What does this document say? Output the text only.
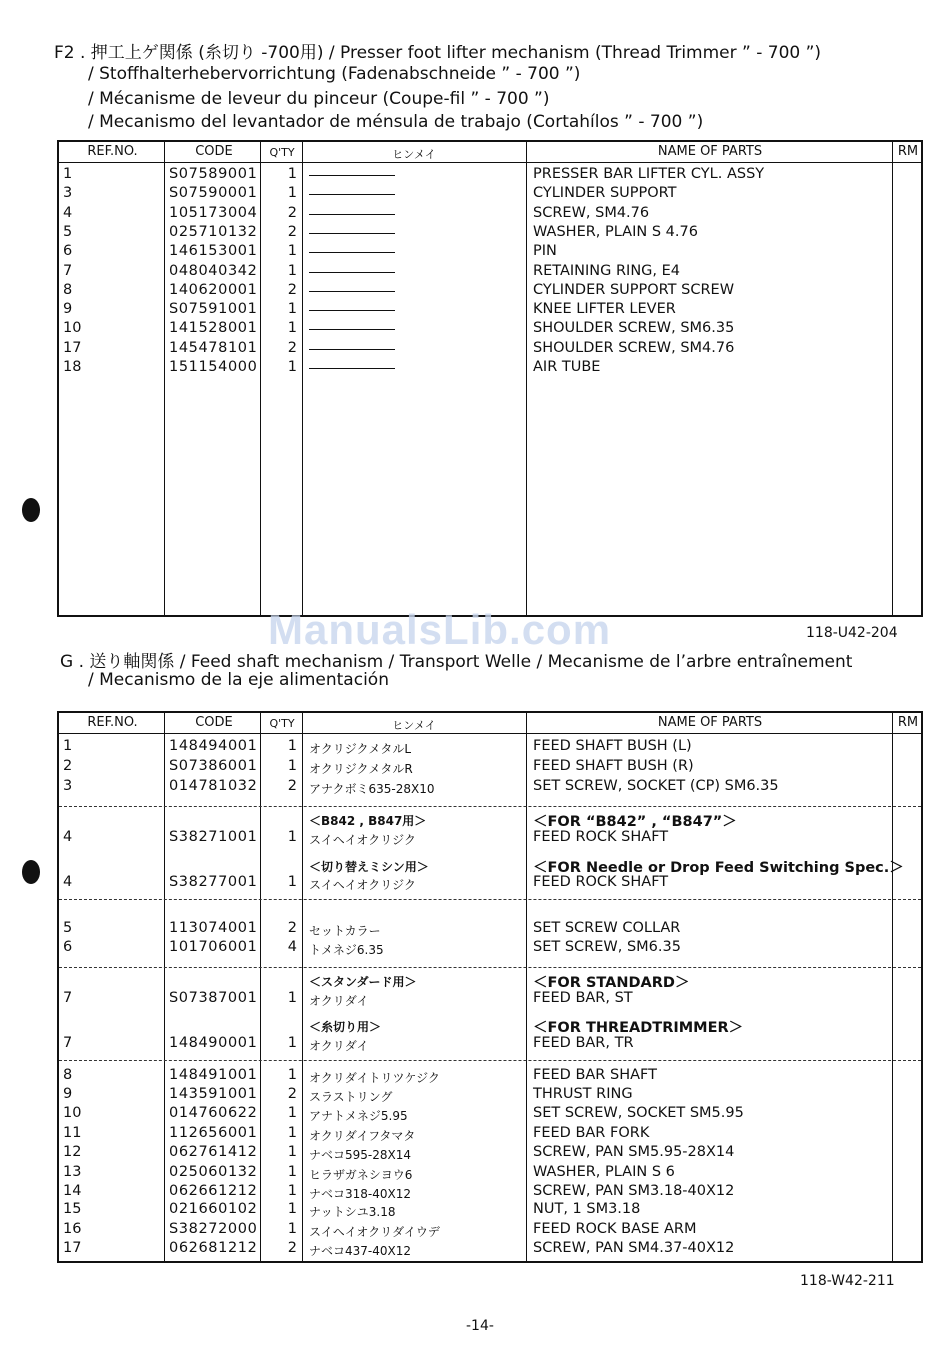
F2 . 押工上ゲ関係 (糸切り -700用) / Presser foot lifter mechanism (Thread Trimmer ” - 700 ”)
/ Stoffhalterhebervorrichtung (Fadenabschneide ” - 700 ”)
/ Mécanisme de leveur du pinceur (Coupe-fil ” - 700 ”)
/ Mecanismo del levantador de ménsula de trabajo (Cortahílos ” - 700 ”)
REF.NO.	CODE	Q'TY	ヒンメイ	NAME OF PARTS	RM
1	S07589001	1	PRESSER BAR LIFTER CYL. ASSY
3	S07590001	1	CYLINDER SUPPORT
4	105173004	2	SCREW, SM4.76
5	025710132	2	WASHER, PLAIN S 4.76
6	146153001	1	PIN
7	048040342	1	RETAINING RING, E4
8	140620001	2	CYLINDER SUPPORT SCREW
9	S07591001	1	KNEE LIFTER LEVER
10	141528001	1	SHOULDER SCREW, SM6.35
17	145478101	2	SHOULDER SCREW, SM4.76
18	151154000	1	AIR TUBE
118-U42-204
ManualsLib.com
G . 送り軸関係 / Feed shaft mechanism / Transport Welle / Mecanisme de l’arbre entraînement
/ Mecanismo de la eje alimentación
REF.NO.	CODE	Q'TY	ヒンメイ	NAME OF PARTS	RM
1	148494001	1 オクリジクメタルL	FEED SHAFT BUSH (L)
2	S07386001	1 オクリジクメタルR	FEED SHAFT BUSH (R)
3	014781032	2 アナクボミ635-28X10	SET SCREW, SOCKET (CP) SM6.35
＜B842 , B847用＞	＜FOR “B842” , “B847”＞
4	S38271001	1 スイヘイオクリジク	FEED ROCK SHAFT
＜切り替えミシン用＞	＜FOR Needle or Drop Feed Switching Spec.＞
4	S38277001	1 スイヘイオクリジク	FEED ROCK SHAFT
5	113074001	2 セットカラー	SET SCREW COLLAR
6	101706001	4 トメネジ6.35	SET SCREW, SM6.35
＜スタンダード用＞	＜FOR STANDARD＞
7	S07387001	1 オクリダイ	FEED BAR, ST
＜糸切り用＞	＜FOR THREADTRIMMER＞
7	148490001	1 オクリダイ	FEED BAR, TR
8	148491001	1 オクリダイトリツケジク	FEED BAR SHAFT
9	143591001	2 スラストリング	THRUST RING
10	014760622	1 アナトメネジ5.95	SET SCREW, SOCKET SM5.95
11	112656001	1 オクリダイフタマタ	FEED BAR FORK
12	062761412	1 ナベコ595-28X14	SCREW, PAN SM5.95-28X14
13	025060132	1 ヒラザガネシヨウ6	WASHER, PLAIN S 6
14	062661212	1 ナベコ318-40X12	SCREW, PAN SM3.18-40X12
15	021660102	1 ナットシユ3.18	NUT, 1 SM3.18
16	S38272000	1 スイヘイオクリダイウデ	FEED ROCK BASE ARM
17	062681212	2 ナベコ437-40X12	SCREW, PAN SM4.37-40X12
118-W42-211
-14-
